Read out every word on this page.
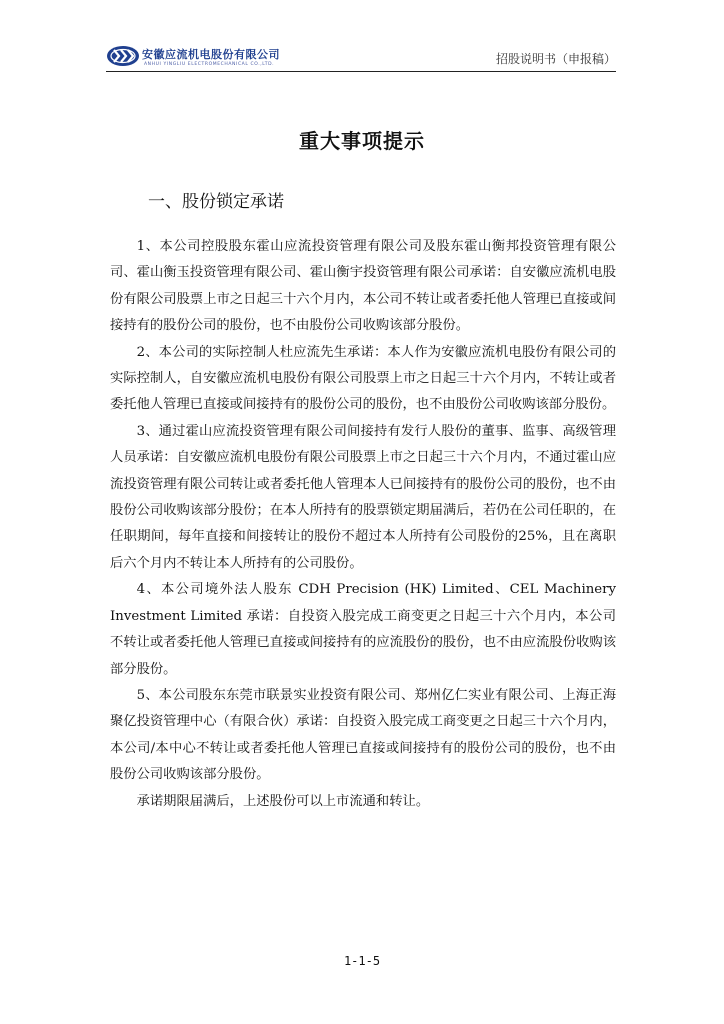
安徽应流机电股份有限公司
ANHUI YINGLIU ELECTROMECHANICAL CO.,LTD.	招股说明书（申报稿）
重大事项提示
一、股份锁定承诺

1、本公司控股股东霍山应流投资管理有限公司及股东霍山衡邦投资管理有限公司、霍山衡玉投资管理有限公司、霍山衡宇投资管理有限公司承诺：自安徽应流机电股份有限公司股票上市之日起三十六个月内，本公司不转让或者委托他人管理已直接或间接持有的股份公司的股份，也不由股份公司收购该部分股份。

2、本公司的实际控制人杜应流先生承诺：本人作为安徽应流机电股份有限公司的实际控制人，自安徽应流机电股份有限公司股票上市之日起三十六个月内，不转让或者委托他人管理已直接或间接持有的股份公司的股份，也不由股份公司收购该部分股份。

3、通过霍山应流投资管理有限公司间接持有发行人股份的董事、监事、高级管理人员承诺：自安徽应流机电股份有限公司股票上市之日起三十六个月内，不通过霍山应流投资管理有限公司转让或者委托他人管理本人已间接持有的股份公司的股份，也不由股份公司收购该部分股份；在本人所持有的股票锁定期届满后，若仍在公司任职的，在任职期间，每年直接和间接转让的股份不超过本人所持有公司股份的25%，且在离职后六个月内不转让本人所持有的公司股份。

4、本公司境外法人股东 CDH Precision (HK) Limited、CEL Machinery Investment Limited 承诺：自投资入股完成工商变更之日起三十六个月内，本公司不转让或者委托他人管理已直接或间接持有的应流股份的股份，也不由应流股份收购该部分股份。

5、本公司股东东莞市联景实业投资有限公司、郑州亿仁实业有限公司、上海正海聚亿投资管理中心（有限合伙）承诺：自投资入股完成工商变更之日起三十六个月内，本公司/本中心不转让或者委托他人管理已直接或间接持有的股份公司的股份，也不由股份公司收购该部分股份。

承诺期限届满后，上述股份可以上市流通和转让。

1-1-5
